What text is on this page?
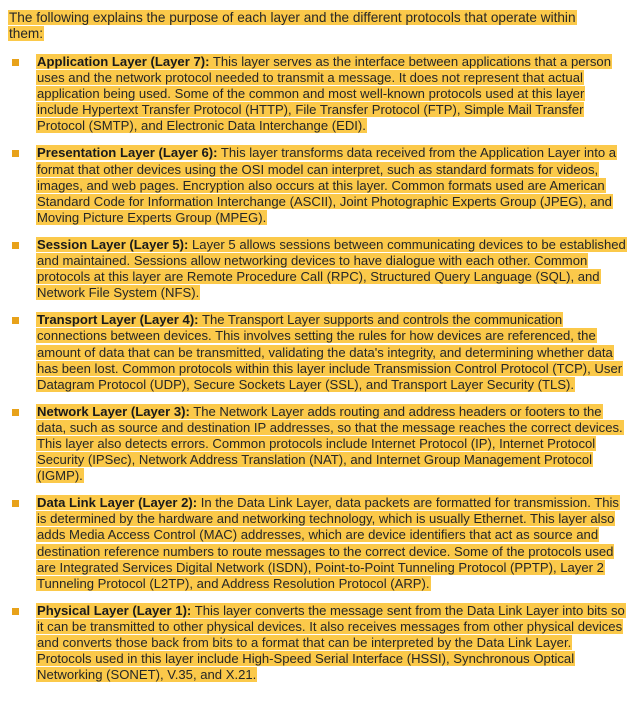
The following explains the purpose of each layer and the different protocols that operate within them:

Application Layer (Layer 7): This layer serves as the interface between applications that a person uses and the network protocol needed to transmit a message. It does not represent that actual application being used. Some of the common and most well-known protocols used at this layer include Hypertext Transfer Protocol (HTTP), File Transfer Protocol (FTP), Simple Mail Transfer Protocol (SMTP), and Electronic Data Interchange (EDI).
Presentation Layer (Layer 6): This layer transforms data received from the Application Layer into a format that other devices using the OSI model can interpret, such as standard formats for videos, images, and web pages. Encryption also occurs at this layer. Common formats used are American Standard Code for Information Interchange (ASCII), Joint Photographic Experts Group (JPEG), and Moving Picture Experts Group (MPEG).
Session Layer (Layer 5): Layer 5 allows sessions between communicating devices to be established and maintained. Sessions allow networking devices to have dialogue with each other. Common protocols at this layer are Remote Procedure Call (RPC), Structured Query Language (SQL), and Network File System (NFS).
Transport Layer (Layer 4): The Transport Layer supports and controls the communication connections between devices. This involves setting the rules for how devices are referenced, the amount of data that can be transmitted, validating the data's integrity, and determining whether data has been lost. Common protocols within this layer include Transmission Control Protocol (TCP), User Datagram Protocol (UDP), Secure Sockets Layer (SSL), and Transport Layer Security (TLS).
Network Layer (Layer 3): The Network Layer adds routing and address headers or footers to the data, such as source and destination IP addresses, so that the message reaches the correct devices. This layer also detects errors. Common protocols include Internet Protocol (IP), Internet Protocol Security (IPSec), Network Address Translation (NAT), and Internet Group Management Protocol (IGMP).
Data Link Layer (Layer 2): In the Data Link Layer, data packets are formatted for transmission. This is determined by the hardware and networking technology, which is usually Ethernet. This layer also adds Media Access Control (MAC) addresses, which are device identifiers that act as source and destination reference numbers to route messages to the correct device. Some of the protocols used are Integrated Services Digital Network (ISDN), Point-to-Point Tunneling Protocol (PPTP), Layer 2 Tunneling Protocol (L2TP), and Address Resolution Protocol (ARP).
Physical Layer (Layer 1): This layer converts the message sent from the Data Link Layer into bits so it can be transmitted to other physical devices. It also receives messages from other physical devices and converts those back from bits to a format that can be interpreted by the Data Link Layer. Protocols used in this layer include High-Speed Serial Interface (HSSI), Synchronous Optical Networking (SONET), V.35, and X.21.
